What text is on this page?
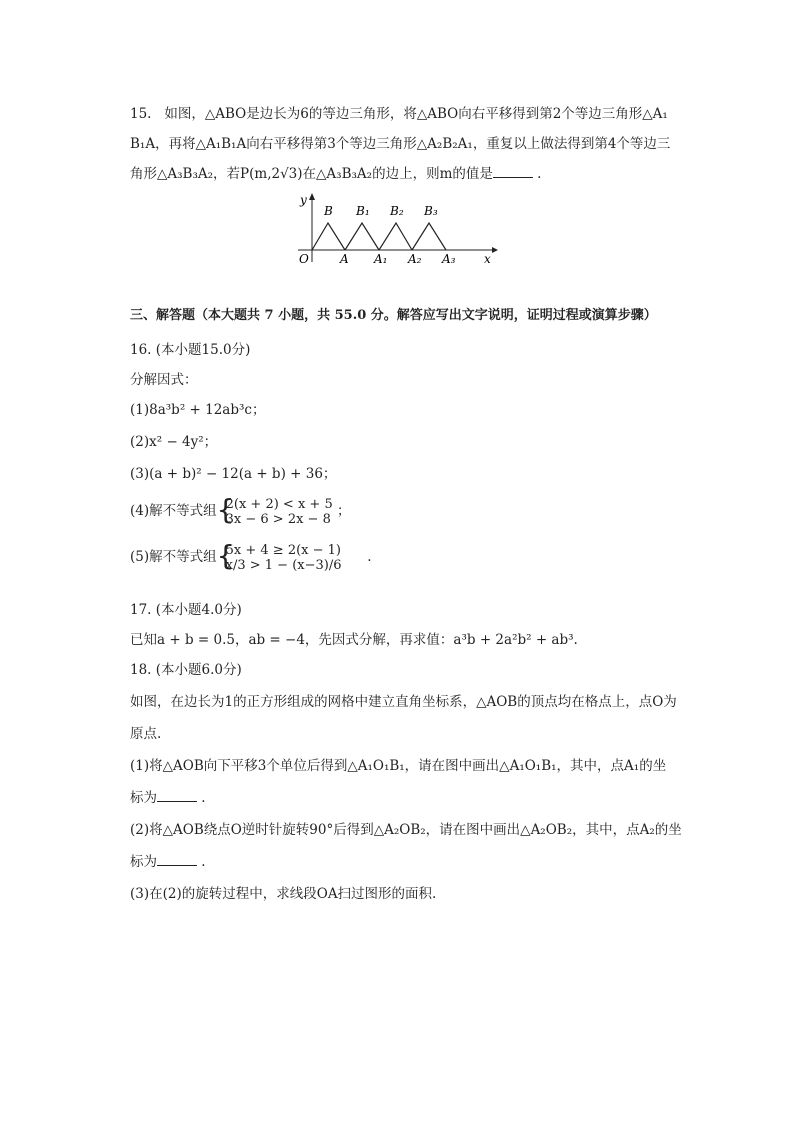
15. 如图，△ABO是边长为6的等边三角形，将△ABO向右平移得到第2个等边三角形△A₁
B₁A，再将△A₁B₁A向右平移得第3个等边三角形△A₂B₂A₁，重复以上做法得到第4个等边三
角形△A₃B₃A₂，若P(m,2√3)在△A₃B₃A₂的边上，则m的值是	.
y
x
O	A A₁ A₂ A₃
B B₁ B₂ B₃
三、解答题（本大题共 7 小题，共 55.0 分。解答应写出文字说明，证明过程或演算步骤）
16. (本小题15.0分)
分解因式：
(1)8a³b² + 12ab³c；
(2)x² − 4y²；
(3)(a + b)² − 12(a + b) + 36；
(4)解不等式组 {
2(x + 2) < x + 5
3x − 6 > 2x − 8 ；
(5)解不等式组 {
5x + 4 ≥ 2(x − 1)
x/3 > 1 − (x−3)/6 .
17. (本小题4.0分)
已知a + b = 0.5，ab = −4，先因式分解，再求值：a³b + 2a²b² + ab³.
18. (本小题6.0分)
如图，在边长为1的正方形组成的网格中建立直角坐标系，△AOB的顶点均在格点上，点O为
原点.
(1)将△AOB向下平移3个单位后得到△A₁O₁B₁，请在图中画出△A₁O₁B₁，其中，点A₁的坐
标为	.
(2)将△AOB绕点O逆时针旋转90°后得到△A₂OB₂，请在图中画出△A₂OB₂，其中，点A₂的坐
标为	.
(3)在(2)的旋转过程中，求线段OA扫过图形的面积.
